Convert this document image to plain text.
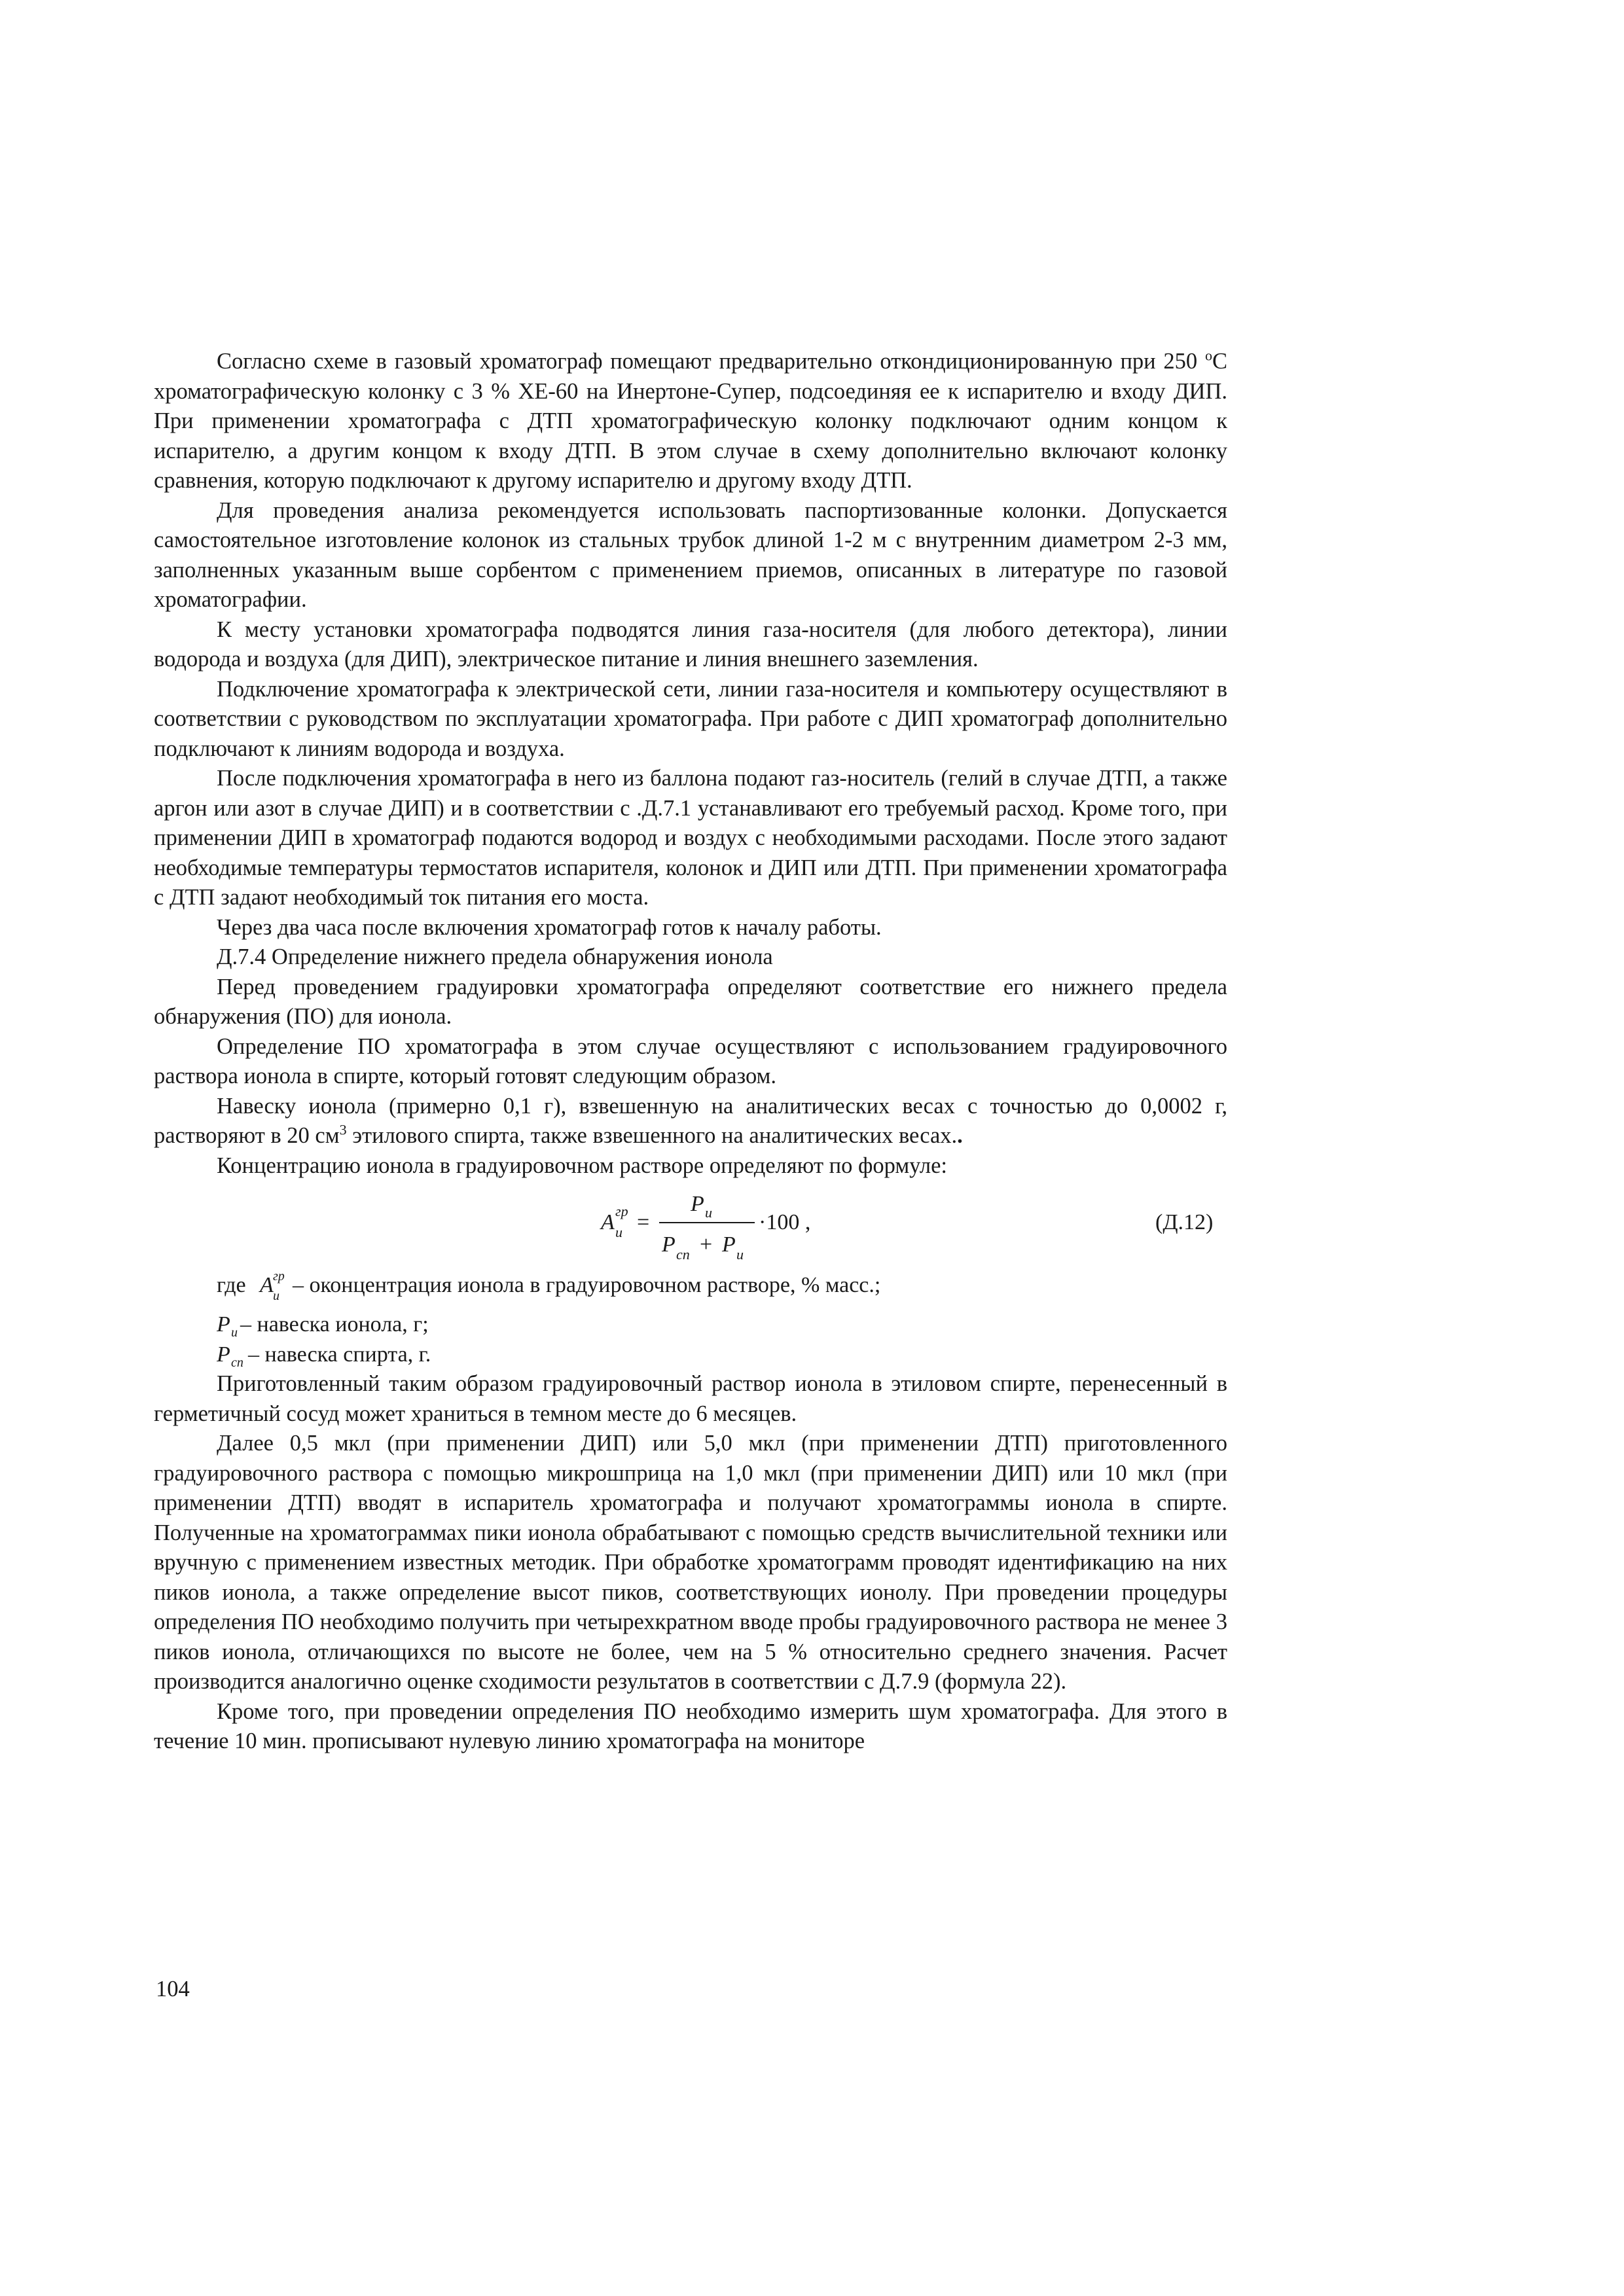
Согласно схеме в газовый хроматограф помещают предварительно откондиционированную при 250 $^о$С хроматографическую колонку с 3 % XE-60 на Инертоне-Супер, подсоединяя ее к испарителю и входу ДИП. При применении хроматографа с ДТП хроматографическую колонку подключают одним концом к испарителю, а другим концом к входу ДТП. В этом случае в схему дополнительно включают колонку сравнения, которую подключают к другому испарителю и другому входу ДТП.

Для проведения анализа рекомендуется использовать паспортизованные колонки. Допускается самостоятельное изготовление колонок из стальных трубок длиной 1-2 м с внутренним диаметром 2-3 мм, заполненных указанным выше сорбентом с применением приемов, описанных в литературе по газовой хроматографии.

К месту установки хроматографа подводятся линия газа-носителя (для любого детектора), линии водорода и воздуха (для ДИП), электрическое питание и линия внешнего заземления.

Подключение хроматографа к электрической сети, линии газа-носителя и компьютеру осуществляют в соответствии с руководством по эксплуатации хроматографа. При работе с ДИП хроматограф дополнительно подключают к линиям водорода и воздуха.

После подключения хроматографа в него из баллона подают газ-носитель (гелий в случае ДТП, а также аргон или азот в случае ДИП) и в соответствии с .Д.7.1 устанавливают его требуемый расход. Кроме того, при применении ДИП в хроматограф подаются водород и воздух с необходимыми расходами. После этого задают необходимые температуры термостатов испарителя, колонок и ДИП или ДТП. При применении хроматографа с ДТП задают необходимый ток питания его моста.

Через два часа после включения хроматограф готов к началу работы.

Д.7.4 Определение нижнего предела обнаружения ионола

Перед проведением градуировки хроматографа определяют соответствие его нижнего предела обнаружения (ПО) для ионола.

Определение ПО хроматографа в этом случае осуществляют с использованием градуировочного раствора ионола в спирте, который готовят следующим образом.

Навеску ионола (примерно 0,1 г), взвешенную на аналитических весах с точностью до 0,0002 г, растворяют в 20 $см^3$ этилового спирта, также взвешенного на аналитических весах..

Концентрацию ионола в градуировочном растворе определяют по формуле:

A и
гр =
P и
P сп + P и
·100 ,	(Д.12)
где A и
гр – оконцентрация ионола в градуировочном растворе, % масс.;
P и – навеска ионола, г;
P сп – навеска спирта, г.

Приготовленный таким образом градуировочный раствор ионола в этиловом спирте, перенесенный в герметичный сосуд может храниться в темном месте до 6 месяцев.

Далее 0,5 мкл (при применении ДИП) или 5,0 мкл (при применении ДТП) приготовленного градуировочного раствора с помощью микрошприца на 1,0 мкл (при применении ДИП) или 10 мкл (при применении ДТП) вводят в испаритель хроматографа и получают хроматограммы ионола в спирте. Полученные на хроматограммах пики ионола обрабатывают с помощью средств вычислительной техники или вручную с применением известных методик. При обработке хроматограмм проводят идентификацию на них пиков ионола, а также определение высот пиков, соответствующих ионолу. При проведении процедуры определения ПО необходимо получить при четырехкратном вводе пробы градуировочного раствора не менее 3 пиков ионола, отличающихся по высоте не более, чем на 5 % относительно среднего значения. Расчет производится аналогично оценке сходимости результатов в соответствии с Д.7.9 (формула 22).

Кроме того, при проведении определения ПО необходимо измерить шум хроматографа. Для этого в течение 10 мин. прописывают нулевую линию хроматографа на мониторе

104
